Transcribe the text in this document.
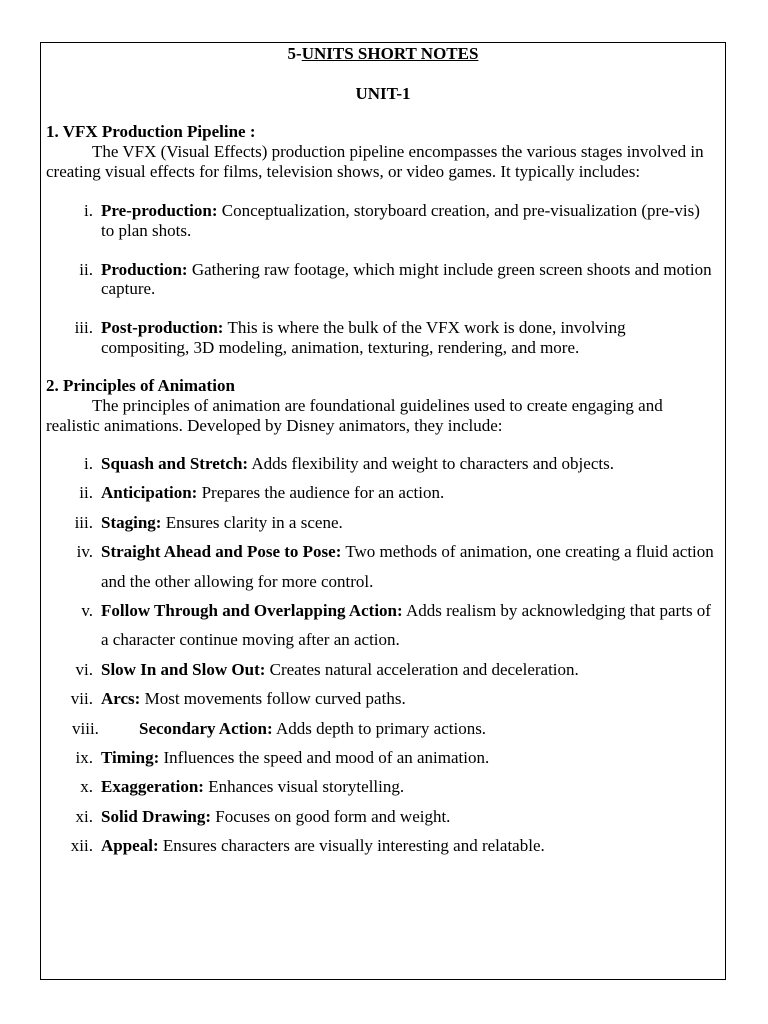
5-UNITS SHORT NOTES
UNIT-1
1. VFX Production Pipeline :
The VFX (Visual Effects) production pipeline encompasses the various stages involved in creating visual effects for films, television shows, or video games. It typically includes:
i. Pre-production: Conceptualization, storyboard creation, and pre-visualization (pre-vis) to plan shots.
ii. Production: Gathering raw footage, which might include green screen shoots and motion capture.
iii. Post-production: This is where the bulk of the VFX work is done, involving compositing, 3D modeling, animation, texturing, rendering, and more.
2. Principles of Animation
The principles of animation are foundational guidelines used to create engaging and realistic animations. Developed by Disney animators, they include:
i. Squash and Stretch: Adds flexibility and weight to characters and objects.
ii. Anticipation: Prepares the audience for an action.
iii. Staging: Ensures clarity in a scene.
iv. Straight Ahead and Pose to Pose: Two methods of animation, one creating a fluid action and the other allowing for more control.
v. Follow Through and Overlapping Action: Adds realism by acknowledging that parts of a character continue moving after an action.
vi. Slow In and Slow Out: Creates natural acceleration and deceleration.
vii. Arcs: Most movements follow curved paths.
viii.	Secondary Action: Adds depth to primary actions.
ix. Timing: Influences the speed and mood of an animation.
x. Exaggeration: Enhances visual storytelling.
xi. Solid Drawing: Focuses on good form and weight.
xii. Appeal: Ensures characters are visually interesting and relatable.
